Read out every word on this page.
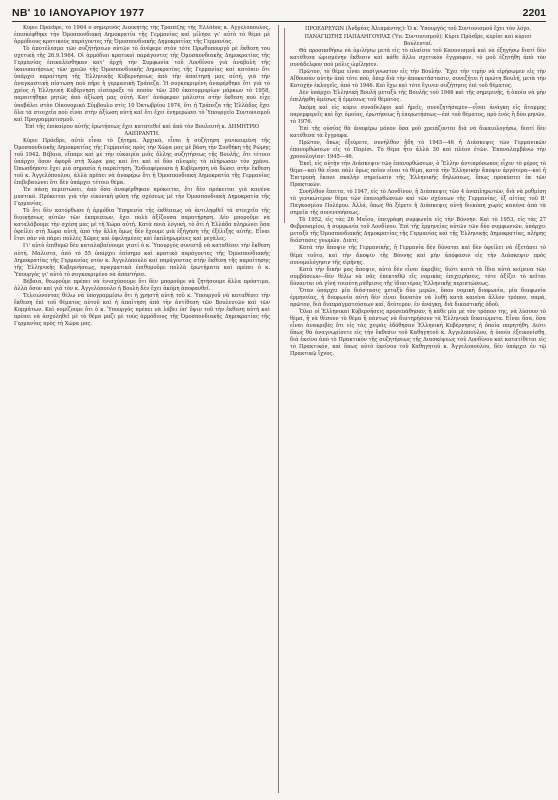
ΝΒ' 10 ΙΑΝΟΥΑΡΙΟΥ 1977	2201

Κύριε Πρόεδρε, τὸ 1964 ὁ σημερινὸς Διοικητὴς τῆς Τραπέζης τῆς Ἑλλάδος κ. Ἀγγελόπουλος, ἐπισκέφθηκε τὴν Ὀμοσπονδιακὴ Δημοκρατία τῆς Γερμανίας καὶ μίλησε γι' αὐτὸ τὸ θέμα μὲ ἁρμόδιους κρατικοὺς παράγοντες τῆς Ὀμοσπονδιακῆς Δημοκρατίας τῆς Γερμανίας.

Τὸ ἀποτέλεσμα τῶν συζητήσεων αὐτῶν τὸ ἀνέφερε στὸν τότε Πρωθυπουργὸ μὲ ἔκθεση του σχετικὴ τῆς 26.9.1964. Οἱ ἁρμόδιοι κρατικοὶ παράγοντες τῆς Ὀμοσπονδιακῆς Δημοκρατίας τῆς Γερμανίας ἐπικαλέσθηκαν κατ' ἀρχὴ τὴν Συμφωνία τοῦ Λονδίνου γιὰ ἀναβολὴ τῆς ἱκανοποιήσεως τῶν χρεῶν τῆς Ὀμοσπονδιακῆς Δημοκρατίας τῆς Γερμανίας καὶ κατόπιν ὅτι ὑπάρχει παραίτηση τῆς Ἑλληνικῆς Κυβερνήσεως ἀπὸ τὴν ἀπαίτησή μας αὐτή, γιὰ τὴν ἀναγκαστικὴ πίστωση ποὺ πῆρε ἡ γερμανικὴ Τράπεζα. Ἡ συγκεκριμένη ἀναφέρθηκε ὅτι γιὰ τὸ χρέος ἡ Ἑλληνικὴ Κυβέρνηση εἰσέπραξε τὸ ποσὸν τῶν 200 ἑκατομμυρίων μάρκων τὸ 1958, παραιτήθηκε ρητῶς ἀπὸ ἀξίωσή μας αὐτή. Κατ' ἀνάφεραν μάλιστα στὴν ἔκθεση ποὺ εἶχε ὑποβάλει στὸν Οἰκονομικὸ Σύμβουλο στὶς 10 Ὀκτωβρίου 1974, ὅτι ἡ Τράπεζα τῆς Ἑλλάδος ἔχει ὅλα τὰ στοιχεῖα ποὺ εἶναι στὴν ἀξίωση αὐτὴ καὶ ὅτι ἔχει ἐνημερώσει τὸ Ὑπουργεῖο Συντονισμοῦ καὶ Προγραμματισμοῦ.

Ἐπὶ τῆς ἐπικαίρου αὐτῆς ἐρωτήσεως ἔχει κατατεθεῖ καὶ ἀπὸ τὸν Βουλευτὴ κ. ΔΗΜΗΤΡΙΟ ΛΑΙΠΡΑΝΤΗ.

Κύριε Πρόεδρε, αὐτὸ εἶναι τὸ ζήτημα. Ἀρχικά, εἶναι ἡ συζήτηση γενικευμένη τῆς Ὀμοσπονδιακῆς Δημοκρατίας τῆς Γερμανίας πρὸς τὴν Χώρα μας μὲ βάση τὴν Συνθήκη τῆς Ρώμης τοῦ 1942. Βέβαια, εἴπαμε καὶ μὲ τὴν εὐκαιρία μιᾶς ἄλλης συζητήσεως τῆς Βουλῆς, ὅτι τέτοιο ὑπάρχει ὅσον ἀφορᾶ στὴ Χώρα μας καὶ ὅτι καὶ οἱ δύο πλευρὲς τὸ πλήρωσαν τὸν χρόνο. Ὁπωσδήποτε ἔχει μιὰ σημασία ἡ παραίτηση. Ἐνδιαφέρουσα ἡ Κυβέρνηση νὰ δώσει στὴν ἔκθεση τοῦ κ. Ἀγγελόπουλου, ἀλλὰ πρέπει νὰ ἀναφέρω ὅτι ἡ Ὀμοσπονδιακὴ Δημοκρατία τῆς Γερμανίας ἐπιβεβαιώνει ὅτι δὲν ὑπάρχει τέτοιο θέμα.

Ἐν πάσῃ περιπτώσει, ἀπὸ ὅσα ἀναφέρθηκαν πρόκειται, ὅτι δὲν πρόκειται γιὰ κανένα μυστικό. Πρόκειται γιὰ τὴν εἰκονικὴ φύση τῆς σχέσεως μὲ τὴν Ὀμοσπονδιακὴ Δημοκρατία τῆς Γερμανίας.

Τὸ ὅτι δὲν κατόρθωσε ἡ ἁρμόδια Ὑπηρεσία τῆς ἐκθέσεως νὰ ἀντιληφθεῖ τὰ στοιχεῖα τῆς διοικήσεως αὐτῶν τῶν ἐκπρεσεων, ἔχει πολὺ ἀξίζουσα παρατήρηση. Δὲν μποροῦμε νὰ καταλάβουμε τὴν σχέση μας μὲ τὴ Χώρα αὐτή. Κατὰ ποιὰ λογική, τὸ ὅτι ἡ Ἑλλάδα πληρώνει ὅσα ὀφείλει στὴ Χώρα αὐτή, ἀπὸ τὴν ἄλλη ὅμως δὲν ἔχουμε μιὰ ἐξήγηση τῆς ἐξέλιξης αὐτῆς. Εἶναι ἔτσι σὰν νὰ πάρει πολλὲς Χῶρες καὶ ὀφελημένες καὶ ἐκπληρωμένες καὶ μεγάλες.

Γι' αὐτὸ ἐπιθυμῶ δὲν καταλαβαίνουμε γιατί ὁ κ. Ὑπουργὸς συνιστᾷ νὰ καταθέσει τὴν ἔκθεση αὐτή. Μάλιστα, ἀπὸ τὸ 55 ὑπάρχει ἐπίσημο καὶ κρατικὸ παράγοντες τῆς Ὀμοσπονδιακῆς Δημοκρατίας τῆς Γερμανίας στὸν κ. Ἀγγελόπουλο καὶ παράγοντας στὴν ἔκθεση τῆς παραίτησης τῆς Ἑλληνικῆς Κυβερνήσεως, πραγματικὰ ἐπιθυμοῦμε πολλὰ ἐρωτήματα καὶ πρέπει ὁ κ. Ὑπουργὸς γι' αὐτὸ τὸ συγκεκριμένο νὰ ἀπαντήσει.

Βέβαια, θεωροῦμε πρέπει νὰ ἐνισχύσουμε ὅτι δὲν μποροῦμε νὰ ζητήσουμε ἄλλα πρόστιμα, ἀλλὰ ὅσον καὶ γιὰ τὸν κ. Ἀγγελόπουλο ἡ Βουλὴ δὲν ἔχει ἀκόμη ἀποφανθεῖ.

Τελειώνοντας θέλω νὰ ὑπογραμμίσω ὅτι ἡ χρηστὴ αὐτὴ τοῦ κ. Ὑπουργοῦ νὰ καταθέσει τὴν ἔκθεση ἐπὶ τοῦ θέματος αὐτοῦ καὶ ἡ ἀπαίτηση ἀπὸ τὴν ἀντίθεση τῶν Βουλευτῶν καὶ τῶν Κομμάτων. Καὶ νομίζουμε ὅτι ὁ κ. Ὑπουργὸς πρέπει νὰ λάβει ὑπ' ὄψιν τοῦ τὴν ἔκθεση αὐτὴ καὶ πρέπει νὰ ἀσχοληθεῖ μὲ τὸ θέμα μαζὶ μὲ τοὺς ἁρμόδιους τῆς Ὀμοσπονδιακῆς Δημοκρατίας τῆς Γερμανίας πρὸς τὴ Χώρα μας.

ΠΡΟΕΔΡΕΥΩΝ (Ἀνδρέας Ἀλιπράντης): Ὁ κ. Ὑπουργὸς τοῦ Συντονισμοῦ ἔχει τὸν λόγο.

ΠΑΝΑΓΙΩΤΗΣ ΠΑΠΑΛΗΓΟΥΡΑΣ (Ὑπ. Συντονισμοῦ): Κύριε Πρόεδρε, κυρίαι καὶ κύριοι Βουλευταί.

Θὰ προσπαθήσω νὰ ὁμιλήσω μετὰ εἰς τὸ πλαίσιο τοῦ Κανονισμοῦ καὶ νὰ ἐξηγήσω διατί δὲν κατέθεσα ὡρισμένην ἔκθεσιν καὶ κάθε ἄλλο σχετικὸν ἔγγραφον, τὸ μοῦ ἐζητήθη ἀπὸ τὸν συνάδελφον ποὺ μόλις ὡμίλησεν.

Πρῶτον, τὸ θέμα εἶναι πασίγνωστον εἰς τὴν Βουλήν. Ἔχει τὴν τιμὴν νὰ εἰρήσωμεν εἰς τὴν Αἴθουσαν αὐτὴν ἀπὸ τότε ποὺ, ὅπερ διὰ τὴν ἀποκατάστασιν, συνεζήτει ἡ πρώτη Βουλή, μετὰ τὴν Κατοχήν ἐκλογεῖς, ἀπὸ τὸ 1946. Καὶ ἔχω καὶ τότε ἔγινεν συζήτησις ἐπὶ τοῦ θέματος.

Δὲν ὑπάρχει Ἑλληνικὴ Βουλὴ μεταξὺ τῆς Βουλῆς τοῦ 1946 καὶ τῆς σημερινῆς, ἡ ὁποία νὰ μὴν ἐπελήφθη ἀμέσως ἢ ἐμμέσως τοῦ θέματος.

Ἀκόμη καὶ εἰς κύριε συνάδελφοι καὶ ἡμεῖς, συνεζητήσαμεν—εἶναι ἀνάγκη εἰς ἄτομμης παρεμφερεῖς καὶ ὅχι ὁμοίας, ἐρωτήσεως ἢ ἐπερωτήσεως—ἐπὶ τοῦ θέματος, πρὸ ἑνὸς ἢ δύο μηνῶν, τὸ 1976.

Ἐπὶ τῆς οὐσίας θὰ ἀναφέρω μόνον ὅσα μοῦ χρειάζονται διὰ νὰ δικαιολογήσω, διατί δὲν κατέθεσα τὰ ἔγγραφα.

Πρῶτον, ὅπως ἐξεύρετε, συνήλθον ἤδη τὸ 1945—46 ἡ Διάσκεψις τῶν Γερμανικῶν ἐπανορθώσεων εἰς τὸ Παρίσι. Τὸ θέμα ἦτο ἀλλὰ 30 καὶ πλέον ἐτῶν. Ἐπαναλαμβάνω τὴν χρονολογίαν: 1945—46.

Ἐκεῖ, εἰς αὐτὴν τὴν Διάσκεψιν τῶν ἐπανορθώσεων, ὁ Ἕλλην ἀντιπρόσωπος εἶχεν τὸ μέρος τὸ θέμα—καὶ θὰ εἶναι πάλι ὅμως ποῖον εἶναι τὸ θέμα, κατὰ τὴν Ἑλληνικὴν ἄποψιν ἀργότερα—καὶ ἡ Ἐπιτροπὴ ἔκανε σκαλὴν σημείωσιν τῆς Ἑλληνικῆς δηλώσεως, ὅπως προκύπτει ἐκ τῶν Πρακτικῶν.

Συνῆλθον ἔπειτα, τὸ 1947, εἰς τὸ Λονδῖνον, ἡ Διάσκεψις τῶν 4 ἀναπληρωτῶν, διὰ νὰ ρυθμίση τὸ γενικώτερον θέμα τῶν ἐπανορθώσεων καὶ τῶν σχέσεων τῆς Γερμανίας, ἐξ αἰτίας τοῦ Β' Παγκοσμίου Πολέμου. Ἀλλά, ὅπως θὰ ξέρετε ἡ Διάσκεψις αὐτὴ διεκόπη χωρὶς κανένα ἀπὸ τὰ σημεῖα τῆς συνεννοήσεως.

Τὸ 1952, εἰς τὰς 26 Μαΐου, ὑπεγράφη συμφωνία εἰς τὴν Βόννην. Καὶ τὸ 1953, εἰς τὰς 27 Φεβρουαρίου, ἡ συμφωνία τοῦ Λονδίνου. Ἐπὶ τῆς ἑρμηνείας αὐτῶν τῶν δύο συμφωνιῶν, ὑπάρχει μεταξὺ τῆς Ὀμοσπονδιακῆς Δημοκρατίας τῆς Γερμανίας καὶ τῆς Ἑλληνικῆς Δημοκρατίας, πλήρης διάστασις γνωμῶν. Διατί;

Κατὰ τὴν ἄποψιν τῆς Γερμανικῆς, ἡ Γερμανία δὲν δύναται καὶ δὲν ὀφείλει νὰ ἐξετάσει τὸ θέμα τοῦτο, καὶ τὴν ἄποψιν τῆς Βόννης καὶ μὴν ἀπόφασιν εἰς τὴν Διάσκεψιν πρὸς συνομολόγησιν τῆς εἰρήνης.

Κατὰ τὴν δικήν μας ἄποψιν, αὐτὸ δὲν εἶναι ἀκριβές, διότι κατὰ τὰ ἴδια αὐτὰ κείμενα τῶν συμβάσεων—δὲν θέλω νὰ σᾶς ἐπεκταθῶ εἰς νομικὰς ἐπιχειρήσεις, τότε ἀξίζει τὸ κεῖται δύνανται νὰ γίνη τοιαύτη ρύθμισις τῆς ἰδιαιτέρας Ἑλληνικῆς περιπτώσεως.

Ὅταν ὑπάρχει μία διάστασις μεταξὺ δύο μερῶν, ὅπου νομικὴ διαφωνία, μία διαφωνία ἑρμηνείας, ἡ διαφωνία αὐτὴ δὲν εἶναι δυνατὸν νὰ λυθῇ κατὰ κανένα ἄλλον τρόπον, παρά, πρῶτον, διὰ διαπραγματεύσεων καί, δεύτερον, ἐν ἀνάγκῃ, διὰ δικαστικῆς ὁδοῦ.

Ὅλαι οἱ Ἑλληνικαὶ Κυβερνήσεις προσεπάθησαν, ἡ κάθε μία μὲ τὸν τρόπον της, νὰ λύσουν τὸ θέμα, ἢ νὰ θέσουν τὸ θέμα ἢ πάντως νὰ διατηρήσουν τὰ Ἑλληνικὰ δικαιώματα. Εἶναι ὅσα, ὅσα εἶναι ἀνακριβὲς ὅτι εἰς τὰς χειρὰς ἐδόθησαν Ἑλληνικὴ Κυβέρνησις ἡ ὁποία παρητήθη. Διότι ὅπως θὰ ἀναγνωρίσετε εἰς τὴν ἔκθεσιν τοῦ Καθηγητοῦ κ. Ἀγγελοπούλου, ἡ ὁποία ἐξεικονίσθη, διὰ ἐκείνο ἀπὸ τὸ Πρακτικὸν τῆς συζητήσεως τῆς Διασκέψεως τοῦ Λονδίνου καὶ κατατίθεται εἰς τὸ Πρακτικόν, καὶ ὅπως αὐτὸ ἐκείνου τοῦ Καθηγητοῦ κ. Ἀγγελοπούλου, δὲν ὑπάρχει ἐν τῷ Πρακτικῷ ἴχνος.
